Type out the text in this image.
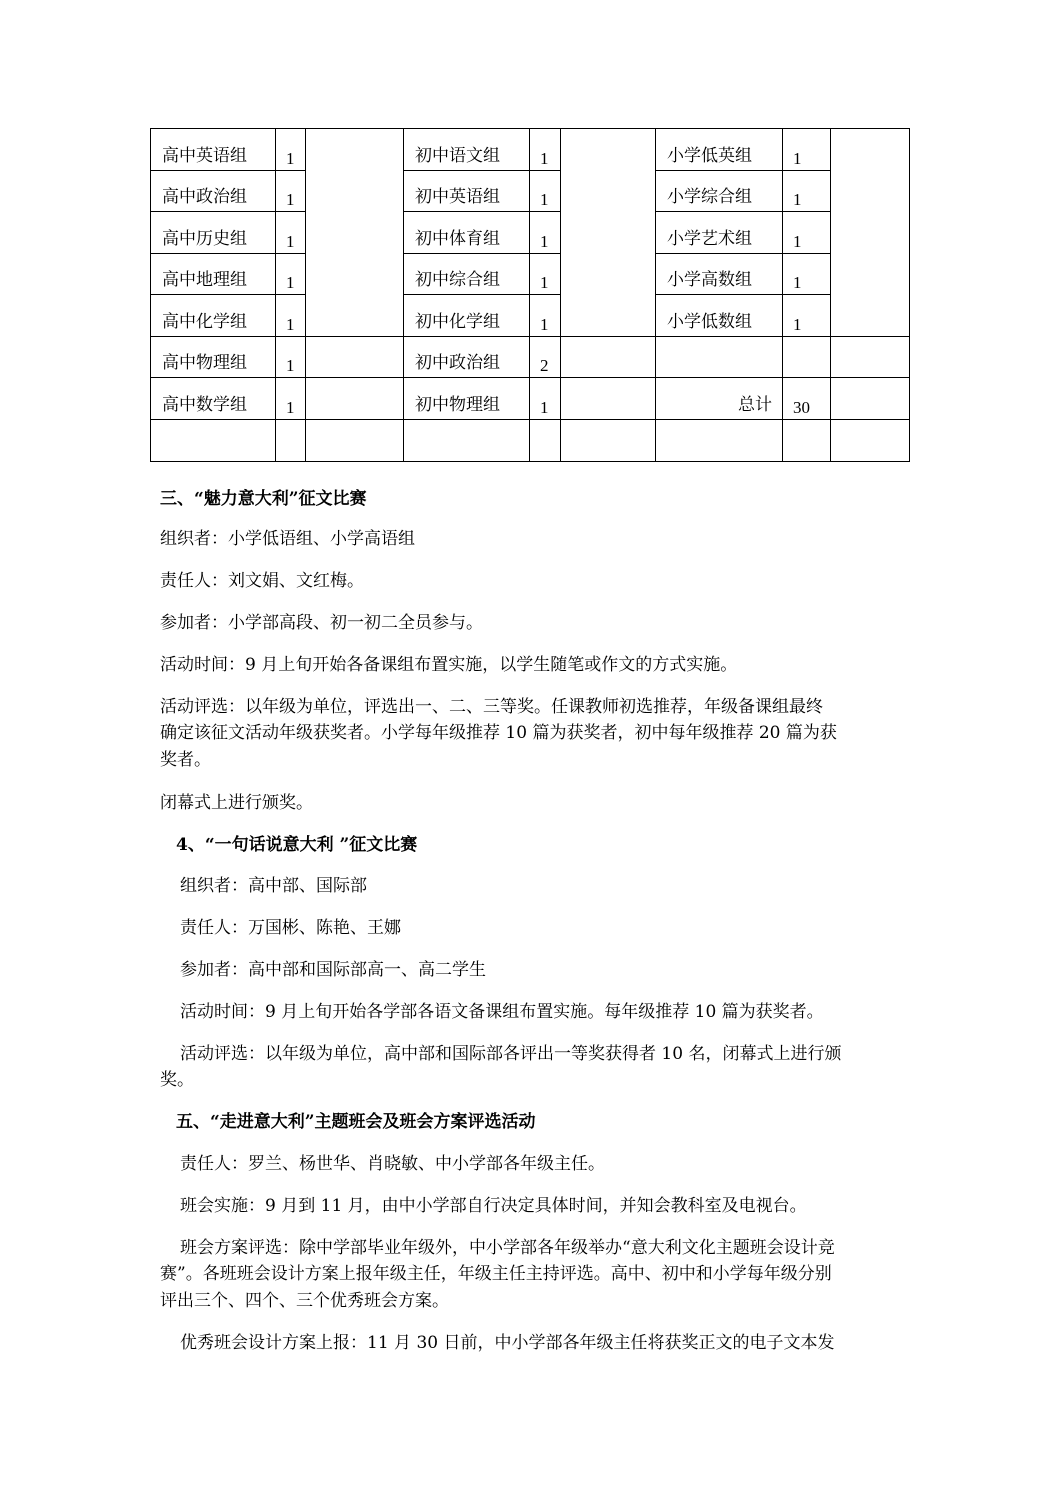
高中英语组	1		初中语文组	1		小学低英组	1	
高中政治组	1		初中英语组	1		小学综合组	1	
高中历史组	1		初中体育组	1		小学艺术组	1	
高中地理组	1		初中综合组	1		小学高数组	1	
高中化学组	1		初中化学组	1		小学低数组	1	
高中物理组	1		初中政治组	2				
高中数学组	1		初中物理组	1		总计	30	

三、“魅力意大利”征文比赛
组织者：小学低语组、小学高语组
责任人：刘文娟、文红梅。
参加者：小学部高段、初一初二全员参与。
活动时间：9 月上旬开始各备课组布置实施，以学生随笔或作文的方式实施。
活动评选：以年级为单位，评选出一、二、三等奖。任课教师初选推荐，年级备课组最终
确定该征文活动年级获奖者。小学每年级推荐 10 篇为获奖者，初中每年级推荐 20 篇为获
奖者。
闭幕式上进行颁奖。
4、“一句话说意大利 ”征文比赛
组织者：高中部、国际部
责任人：万国彬、陈艳、王娜
参加者：高中部和国际部高一、高二学生
活动时间：9 月上旬开始各学部各语文备课组布置实施。每年级推荐 10 篇为获奖者。
活动评选：以年级为单位，高中部和国际部各评出一等奖获得者 10 名，闭幕式上进行颁
奖。
五、“走进意大利”主题班会及班会方案评选活动
责任人：罗兰、杨世华、肖晓敏、中小学部各年级主任。
班会实施：9 月到 11 月，由中小学部自行决定具体时间，并知会教科室及电视台。
班会方案评选：除中学部毕业年级外，中小学部各年级举办“意大利文化主题班会设计竞
赛”。各班班会设计方案上报年级主任，年级主任主持评选。高中、初中和小学每年级分别
评出三个、四个、三个优秀班会方案。
优秀班会设计方案上报：11 月 30 日前，中小学部各年级主任将获奖正文的电子文本发
